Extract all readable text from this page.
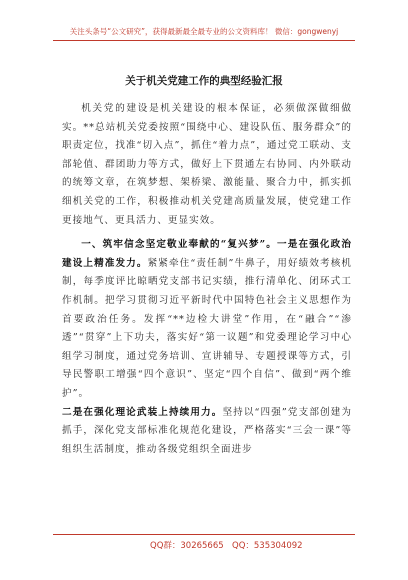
关注头条号“公文研究”，获得最新最全最专业的公文资料库！ 微信：gongwenyj
关于机关党建工作的典型经验汇报

机关党的建设是机关建设的根本保证，必须做深做细做实。**总站机关党委按照“围绕中心、建设队伍、服务群众”的职责定位，找准“切入点”，抓住“着力点”，通过党工联动、支部轮值、群团助力等方式，做好上下贯通左右协同、内外联动的统筹文章，在筑梦想、架桥梁、激能量、聚合力中，抓实抓细机关党的工作，积极推动机关党建高质量发展，使党建工作更接地气、更具活力、更显实效。

一、筑牢信念坚定敬业奉献的“复兴梦”。一是在强化政治建设上精准发力。紧紧牵住“责任制”牛鼻子，用好绩效考核机制，每季度评比晾晒党支部书记实绩，推行清单化、闭环式工作机制。把学习贯彻习近平新时代中国特色社会主义思想作为首要政治任务。发挥“**边检大讲堂”作用，在“融合”“渗透”“贯穿”上下功夫，落实好“第一议题”和党委理论学习中心组学习制度，通过党务培训、宣讲辅导、专题授课等方式，引导民警职工增强“四个意识”、坚定“四个自信”、做到“两个维护”。

二是在强化理论武装上持续用力。坚持以“四强”党支部创建为抓手，深化党支部标准化规范化建设，严格落实“三会一课”等组织生活制度，推动各级党组织全面进步

QQ群：30265665 QQ：535304092
